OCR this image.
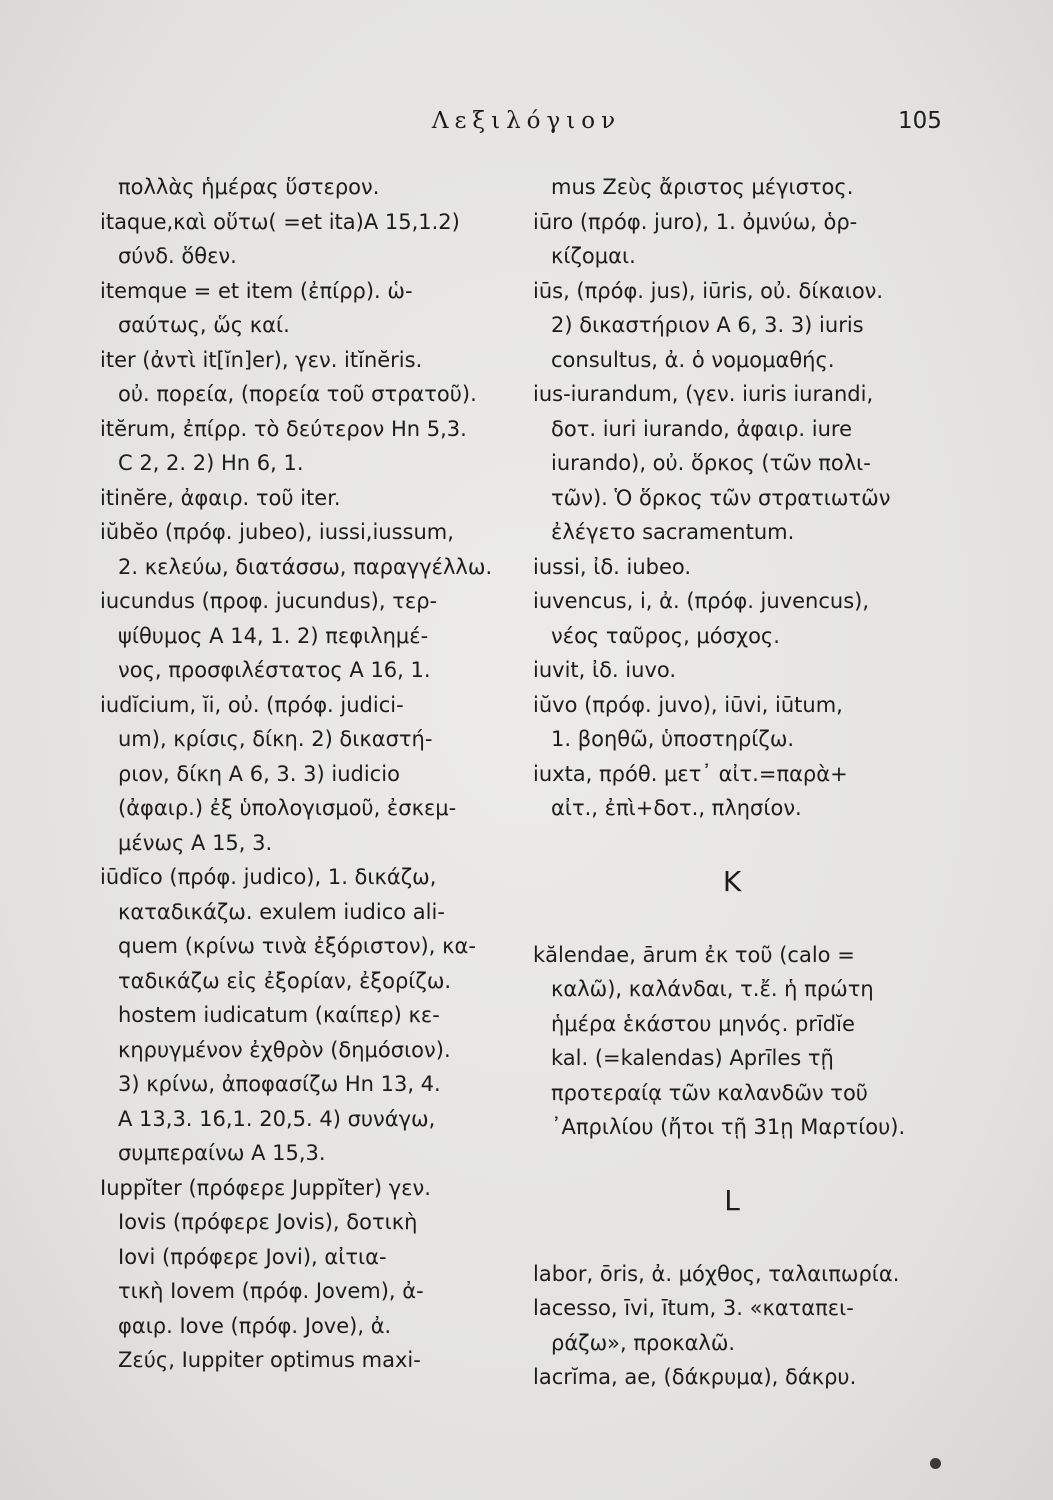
Λεξιλόγιον	105
πολλὰς ἡμέρας ὕστερον.
itaque,καὶ οὕτω( =et ita)A 15,1.2)
σύνδ. ὅθεν.
itemque = et item (ἐπίρρ). ὡ-
σαύτως, ὥς καί.
iter (ἀντὶ it[ĭn]er), γεν. itĭnĕris.
οὐ. πορεία, (πορεία τοῦ στρατοῦ).
itĕrum, ἐπίρρ. τὸ δεύτερον Hn 5,3.
C 2, 2. 2) Hn 6, 1.
itinĕre, ἀφαιρ. τοῦ iter.
iŭbĕo (πρόφ. jubeo), iussi,iussum,
2. κελεύω, διατάσσω, παραγγέλλω.
iucundus (προφ. jucundus), τερ-
ψίθυμος A 14, 1. 2) πεφιλημέ-
νος, προσφιλέστατος A 16, 1.
iudĭcium, ĭi, οὐ. (πρόφ. judici-
um), κρίσις, δίκη. 2) δικαστή-
ριον, δίκη A 6, 3. 3) iudicio
(ἀφαιρ.) ἐξ ὑπολογισμοῦ, ἐσκεμ-
μένως A 15, 3.
iūdĭco (πρόφ. judico), 1. δικάζω,
καταδικάζω. exulem iudico ali-
quem (κρίνω τινὰ ἐξόριστον), κα-
ταδικάζω εἰς ἐξορίαν, ἐξορίζω.
hostem iudicatum (καίπερ) κε-
κηρυγμένον ἐχθρὸν (δημόσιον).
3) κρίνω, ἀποφασίζω Hn 13, 4.
A 13,3. 16,1. 20,5. 4) συνάγω,
συμπεραίνω A 15,3.
Iuppĭter (πρόφερε Juppĭter) γεν.
Iovis (πρόφερε Jovis), δοτικὴ
Iovi (πρόφερε Jovi), αἰτια-
τικὴ Iovem (πρόφ. Jovem), ἀ-
φαιρ. Iove (πρόφ. Jove), ἀ.
Ζεύς, Iuppiter optimus maxi-
mus Ζεὺς ἄριστος μέγιστος.
iūro (πρόφ. juro), 1. ὀμνύω, ὁρ-
κίζομαι.
iūs, (πρόφ. jus), iūris, οὐ. δίκαιον.
2) δικαστήριον A 6, 3. 3) iuris
consultus, ἀ. ὁ νομομαθής.
ius-iurandum, (γεν. iuris iurandi,
δοτ. iuri iurando, ἀφαιρ. iure
iurando), οὐ. ὅρκος (τῶν πολι-
τῶν). Ὁ ὅρκος τῶν στρατιωτῶν
ἐλέγετο sacramentum.
iussi, ἰδ. iubeo.
iuvencus, i, ἀ. (πρόφ. juvencus),
νέος ταῦρος, μόσχος.
iuvit, ἰδ. iuvo.
iŭvo (πρόφ. juvo), iūvi, iūtum,
1. βοηθῶ, ὑποστηρίζω.
iuxta, πρόθ. μετ᾽ αἰτ.=παρὰ+
αἰτ., ἐπὶ+δοτ., πλησίον.
K
kălendae, ārum ἐκ τοῦ (calo =
καλῶ), καλάνδαι, τ.ἔ. ἡ πρώτη
ἡμέρα ἑκάστου μηνός. prīdĭe
kal. (=kalendas) Aprīles τῇ
προτεραίᾳ τῶν καλανδῶν τοῦ
᾽Απριλίου (ἤτοι τῇ 31ῃ Μαρτίου).
L
labor, ōris, ἀ. μόχθος, ταλαιπωρία.
lacesso, īvi, ītum, 3. «καταπει-
ράζω», προκαλῶ.
lacrĭma, ae, (δάκρυμα), δάκρυ.
